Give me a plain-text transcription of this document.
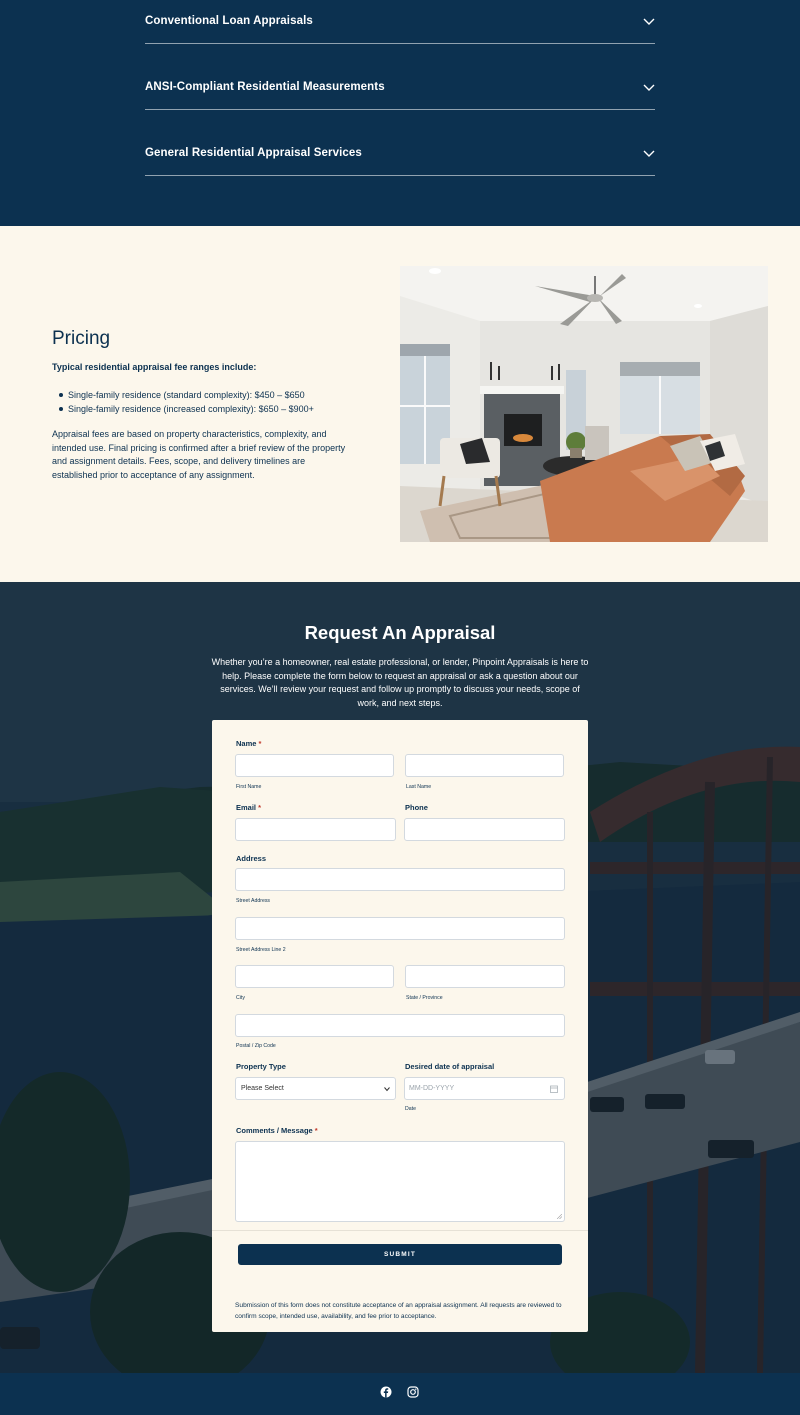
Conventional Loan Appraisals
ANSI-Compliant Residential Measurements
General Residential Appraisal Services
Pricing

Typical residential appraisal fee ranges include:

Single-family residence (standard complexity): $450 – $650
Single-family residence (increased complexity): $650 – $900+

Appraisal fees are based on property characteristics, complexity, and intended use. Final pricing is confirmed after a brief review of the property and assignment details. Fees, scope, and delivery timelines are established prior to acceptance of any assignment.

Request An Appraisal

Whether you’re a homeowner, real estate professional, or lender, Pinpoint Appraisals is here to help. Please complete the form below to request an appraisal or ask a question about our services. We’ll review your request and follow up promptly to discuss your needs, scope of work, and next steps.

Name *
First Name	Last Name
Email *	Phone
Address
Street Address
Street Address Line 2
City	State / Province
Postal / Zip Code
Property Type
Please Select
Desired date of appraisal
MM-DD-YYYY
Date
Comments / Message *
SUBMIT

Submission of this form does not constitute acceptance of an appraisal assignment. All requests are reviewed to confirm scope, intended use, availability, and fee prior to acceptance.
